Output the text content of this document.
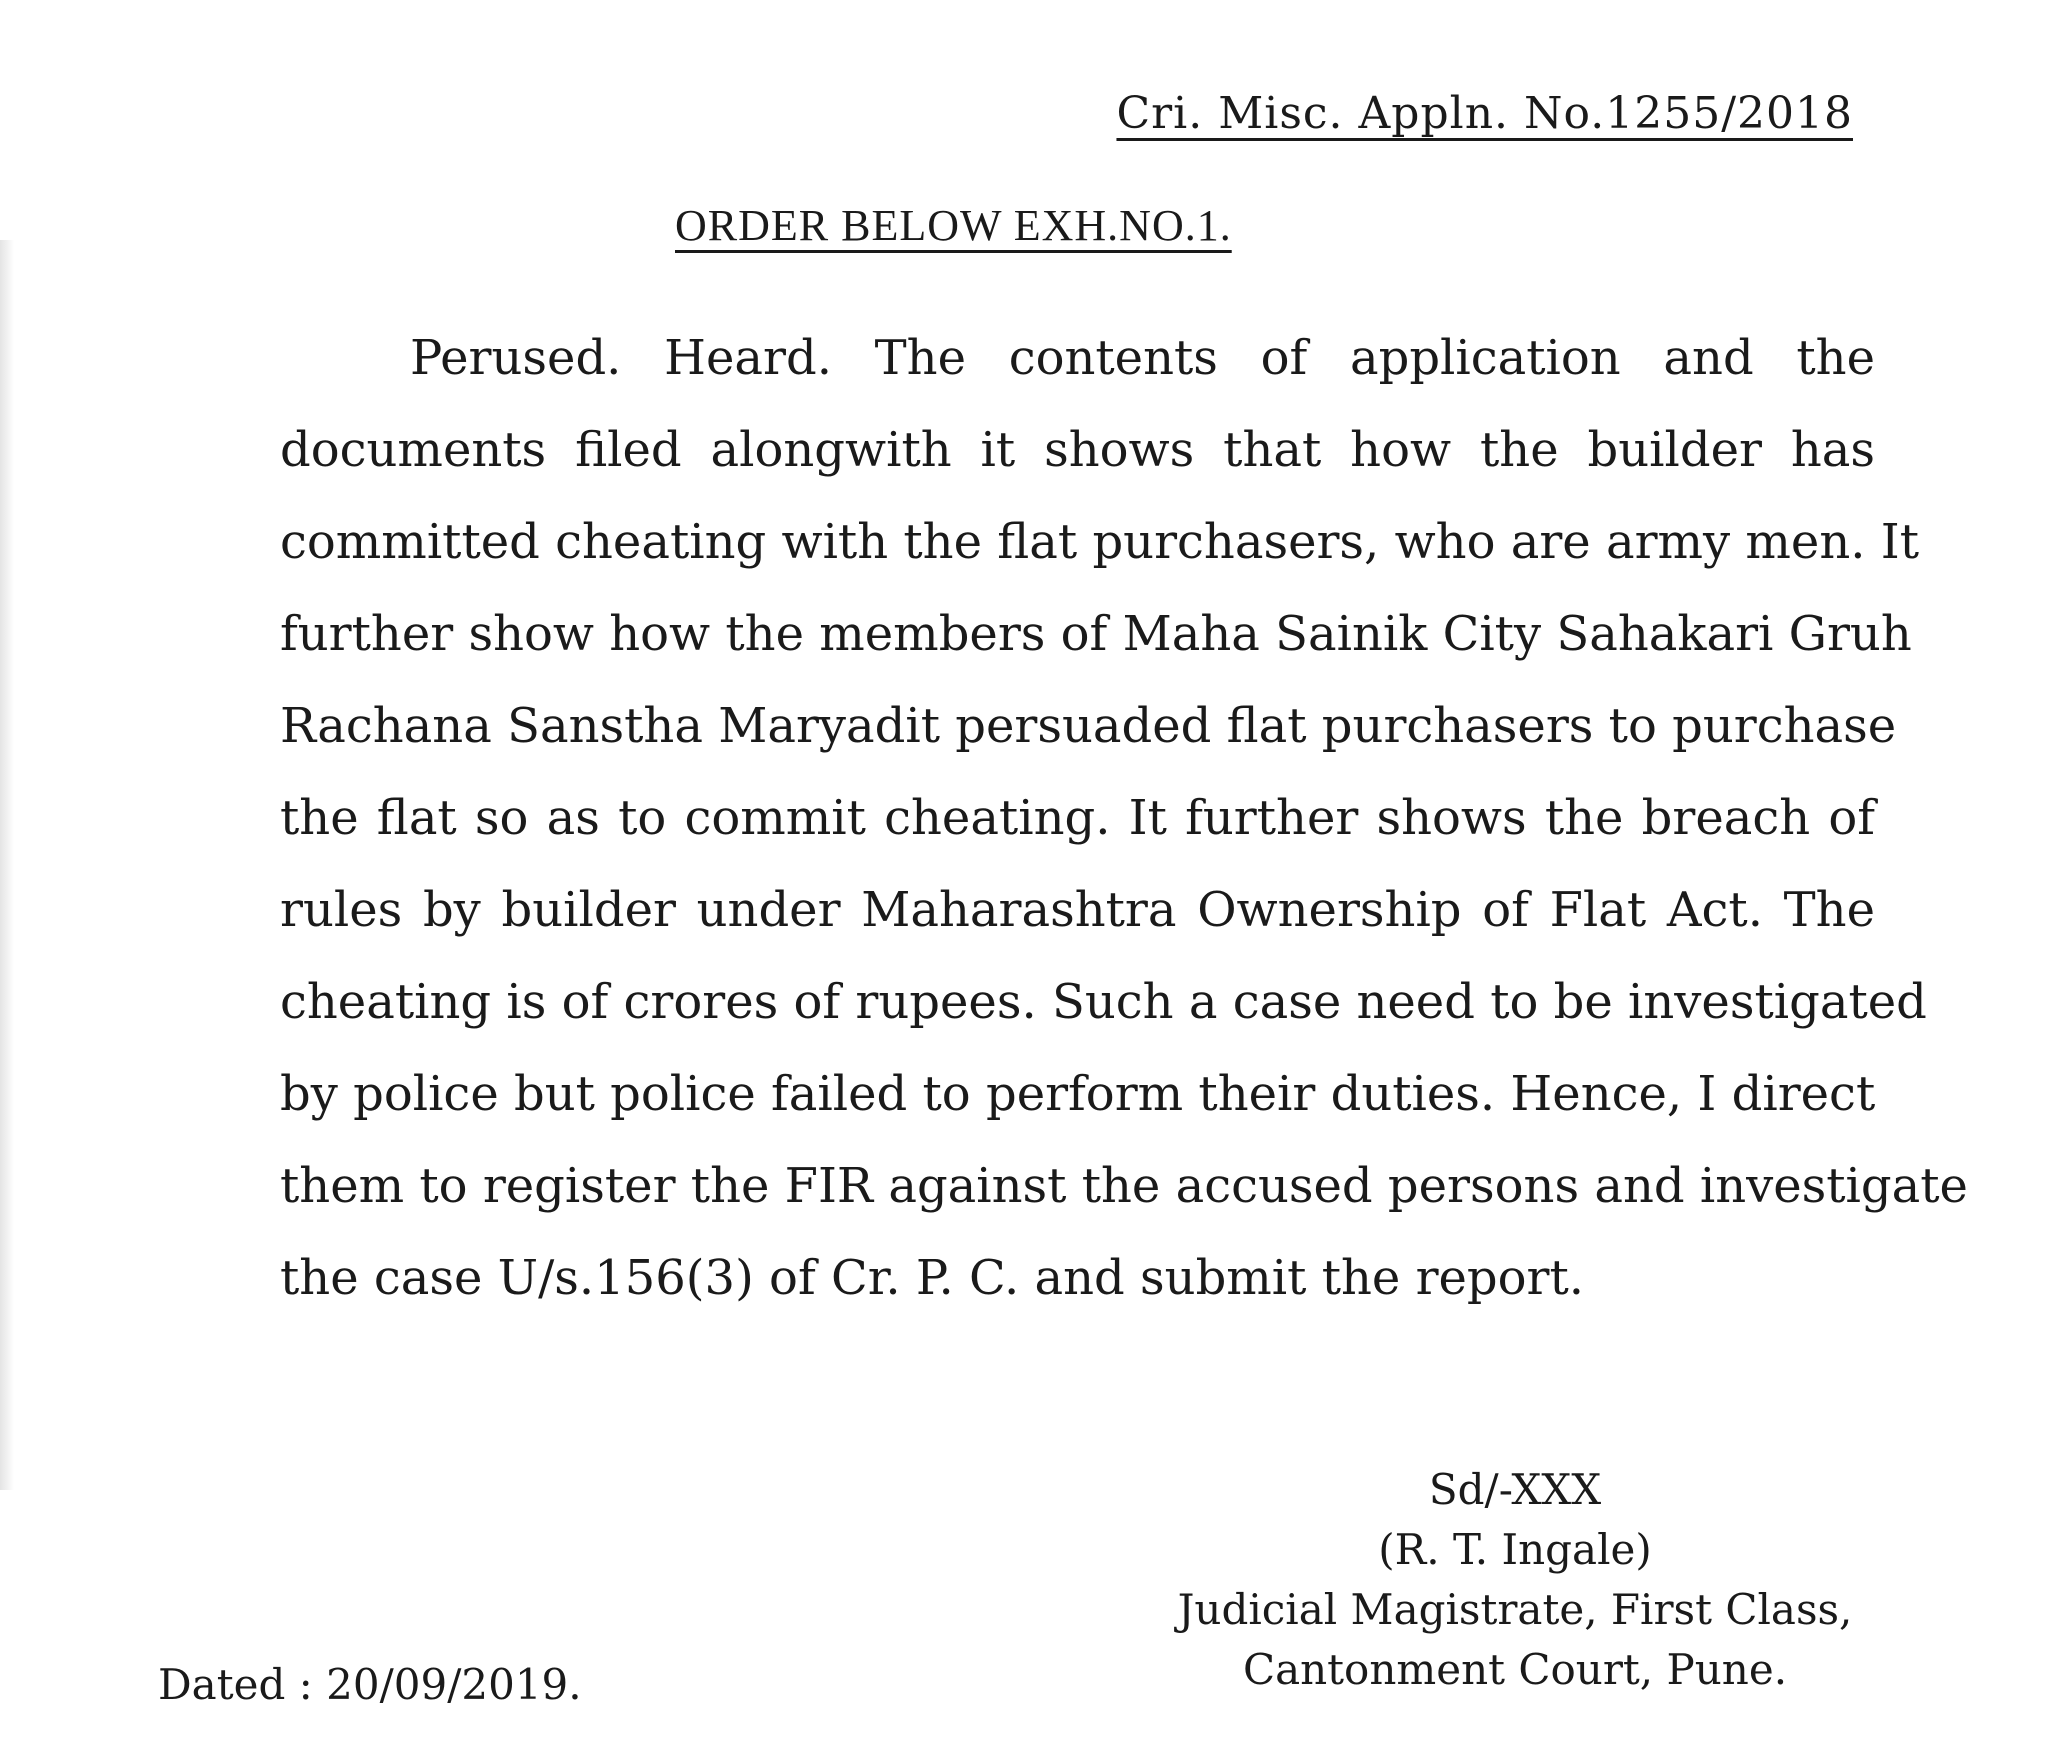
Cri. Misc. Appln. No.1255/2018
ORDER BELOW EXH.NO.1.
Perused. Heard. The contents of application and the
documents filed alongwith it shows that how the builder has
committed cheating with the flat purchasers, who are army men. It
further show how the members of Maha Sainik City Sahakari Gruh
Rachana Sanstha Maryadit persuaded flat purchasers to purchase
the flat so as to commit cheating. It further shows the breach of
rules by builder under Maharashtra Ownership of Flat Act. The
cheating is of crores of rupees. Such a case need to be investigated
by police but police failed to perform their duties. Hence, I direct
them to register the FIR against the accused persons and investigate
the case U/s.156(3) of Cr. P. C. and submit the report.
Sd/-XXX
(R. T. Ingale)
Judicial Magistrate, First Class,
Cantonment Court, Pune.
Dated : 20/09/2019.
